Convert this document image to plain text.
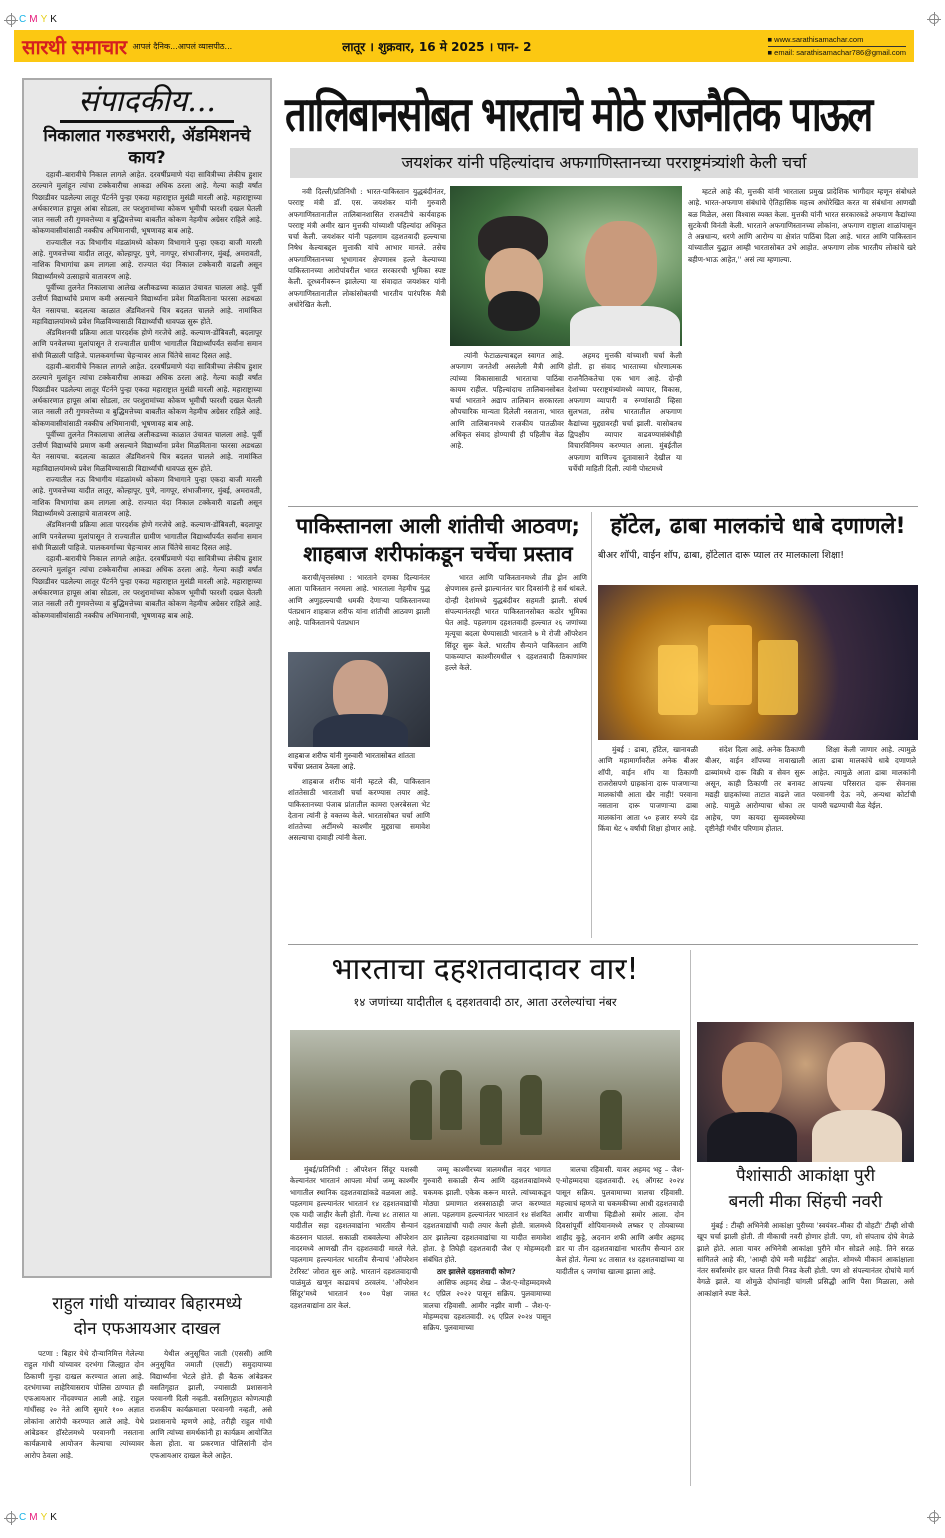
C M Y K
सारथी समाचार आपलं दैनिक...आपलं व्यासपीठ...	लातूर । शुक्रवार, 16 मे 2025 । पान- 2
■ www.sarathisamachar.com
■ email: sarathisamachar786@gmail.com
संपादकीय...
निकालात गरुडभरारी, ॲडमिशनचे काय?

दहावी–बारावीचे निकाल लागले आहेत. दरवर्षीप्रमाणे यंदा सावित्रीच्या लेकीच हुशार ठरल्याने मुलांहून त्यांचा टक्केवारीचा आकडा अधिक ठरला आहे. गेल्या काही वर्षांत पिछाडीवर पडलेल्या लातूर पॅटर्नने पुन्हा एकदा महाराष्ट्रात मुसंडी मारली आहे. महाराष्ट्राच्या अर्थकारणात हापूस आंबा सोडला, तर परशुरामांच्या कोकण भूमीची फारशी दखल घेतली जात नसली तरी गुणवत्तेच्या व बुद्धिमत्तेच्या बाबतीत कोकण नेहमीच अग्रेसर राहिले आहे. कोकणवासीयांसाठी नक्कीच अभिमानाची, भूषणावह बाब आहे.

राज्यातील नऊ विभागीय मंडळांमध्ये कोकण विभागाने पुन्हा एकदा बाजी मारली आहे. गुणवत्तेच्या यादीत लातूर, कोल्हापूर, पुणे, नागपूर, संभाजीनगर, मुंबई, अमरावती, नाशिक विभागांचा क्रम लागला आहे. राज्यात यंदा निकाल टक्केवारी वाढली असून विद्यार्थ्यांमध्ये उत्साहाचे वातावरण आहे.

पूर्वीच्या तुलनेत निकालाचा आलेख अलीकडच्या काळात उंचावत चालला आहे. पूर्वी उत्तीर्ण विद्यार्थ्यांचे प्रमाण कमी असल्याने विद्यार्थ्यांना प्रवेश मिळविताना फारसा अडथळा येत नसायचा. बदलत्या काळात अ‍ॅडमिशनचे चित्र बदलत चालले आहे. नामांकित महाविद्यालयांमध्ये प्रवेश मिळविण्यासाठी विद्यार्थ्यांची धावपळ सुरू होते.

अ‍ॅडमिशनची प्रक्रिया आता पारदर्शक होणे गरजेचे आहे. कल्याण-डोंबिवली, बदलापूर आणि पनवेलच्या मुलांपासून ते राज्यातील ग्रामीण भागातील विद्यार्थ्यांपर्यंत सर्वांना समान संधी मिळाली पाहिजे. पालकवर्गाच्या चेहऱ्यावर आज चिंतेचे सावट दिसत आहे.

दहावी–बारावीचे निकाल लागले आहेत. दरवर्षीप्रमाणे यंदा सावित्रीच्या लेकीच हुशार ठरल्याने मुलांहून त्यांचा टक्केवारीचा आकडा अधिक ठरला आहे. गेल्या काही वर्षांत पिछाडीवर पडलेल्या लातूर पॅटर्नने पुन्हा एकदा महाराष्ट्रात मुसंडी मारली आहे. महाराष्ट्राच्या अर्थकारणात हापूस आंबा सोडला, तर परशुरामांच्या कोकण भूमीची फारशी दखल घेतली जात नसली तरी गुणवत्तेच्या व बुद्धिमत्तेच्या बाबतीत कोकण नेहमीच अग्रेसर राहिले आहे. कोकणवासीयांसाठी नक्कीच अभिमानाची, भूषणावह बाब आहे.

पूर्वीच्या तुलनेत निकालाचा आलेख अलीकडच्या काळात उंचावत चालला आहे. पूर्वी उत्तीर्ण विद्यार्थ्यांचे प्रमाण कमी असल्याने विद्यार्थ्यांना प्रवेश मिळविताना फारसा अडथळा येत नसायचा. बदलत्या काळात अ‍ॅडमिशनचे चित्र बदलत चालले आहे. नामांकित महाविद्यालयांमध्ये प्रवेश मिळविण्यासाठी विद्यार्थ्यांची धावपळ सुरू होते.

राज्यातील नऊ विभागीय मंडळांमध्ये कोकण विभागाने पुन्हा एकदा बाजी मारली आहे. गुणवत्तेच्या यादीत लातूर, कोल्हापूर, पुणे, नागपूर, संभाजीनगर, मुंबई, अमरावती, नाशिक विभागांचा क्रम लागला आहे. राज्यात यंदा निकाल टक्केवारी वाढली असून विद्यार्थ्यांमध्ये उत्साहाचे वातावरण आहे.

अ‍ॅडमिशनची प्रक्रिया आता पारदर्शक होणे गरजेचे आहे. कल्याण-डोंबिवली, बदलापूर आणि पनवेलच्या मुलांपासून ते राज्यातील ग्रामीण भागातील विद्यार्थ्यांपर्यंत सर्वांना समान संधी मिळाली पाहिजे. पालकवर्गाच्या चेहऱ्यावर आज चिंतेचे सावट दिसत आहे.

दहावी–बारावीचे निकाल लागले आहेत. दरवर्षीप्रमाणे यंदा सावित्रीच्या लेकीच हुशार ठरल्याने मुलांहून त्यांचा टक्केवारीचा आकडा अधिक ठरला आहे. गेल्या काही वर्षांत पिछाडीवर पडलेल्या लातूर पॅटर्नने पुन्हा एकदा महाराष्ट्रात मुसंडी मारली आहे. महाराष्ट्राच्या अर्थकारणात हापूस आंबा सोडला, तर परशुरामांच्या कोकण भूमीची फारशी दखल घेतली जात नसली तरी गुणवत्तेच्या व बुद्धिमत्तेच्या बाबतीत कोकण नेहमीच अग्रेसर राहिले आहे. कोकणवासीयांसाठी नक्कीच अभिमानाची, भूषणावह बाब आहे.

तालिबानसोबत भारताचे मोठे राजनैतिक पाऊल
जयशंकर यांनी पहिल्यांदाच अफगाणिस्तानच्या परराष्ट्रमंत्र्यांशी केली चर्चा

नवी दिल्ली/प्रतिनिधी : भारत-पाकिस्तान युद्धबंदीनंतर, परराष्ट्र मंत्री डॉ. एस. जयशंकर यांनी गुरुवारी अफगाणिस्तानातील तालिबानशासित राजवटीचे कार्यवाहक परराष्ट्र मंत्री अमीर खान मुत्तकी यांच्याशी पहिल्यांदा अधिकृत चर्चा केली. जयशंकर यांनी पहलगाम दहशतवादी हल्ल्याचा निषेध केल्याबद्दल मुत्ताकी यांचे आभार मानले. तसेच अफगाणिस्तानच्या भूभागावर क्षेपणास्त्र हल्ले केल्याच्या पाकिस्तानच्या आरोपांवरील भारत सरकारची भूमिका स्पष्ट केली. दूरध्वनीवरून झालेल्या या संवादात जयशंकर यांनी अफगाणिस्तानातील लोकांसोबतची भारतीय पारंपरिक मैत्री अधोरेखित केली.

त्यांनी फेटाळल्याबद्दल स्वागत आहे. अफगाण जनतेशी असलेली मैत्री आणि त्यांच्या विकासासाठी भारताचा पाठिंबा कायम राहील. पहिल्यांदाच तालिबानसोबत चर्चा भारताने अद्याप तालिबान सरकारला औपचारिक मान्यता दिलेली नसताना, भारत आणि तालिबानमध्ये राजकीय पातळीवर अधिकृत संवाद होण्याची ही पहिलीच वेळ आहे.

अहमद मुत्तकी यांच्याशी चर्चा केली होती. हा संवाद भारताच्या धोरणात्मक राजनैतिकतेचा एक भाग आहे. दोन्ही देशांच्या परराष्ट्रमंत्र्यांमध्ये व्यापार, विकास, अफगाण व्यापारी व रुग्णांसाठी व्हिसा सुलभता, तसेच भारतातील अफगाण कैद्यांच्या मुद्द्यावरही चर्चा झाली. यासोबतच द्विपक्षीय व्यापार वाढवण्यासंबंधीही विचारविनिमय करण्यात आला. मुंबईतील अफगाण वाणिज्य दूतावासाने देखील या चर्चेची माहिती दिली. त्यांनी पोस्टमध्ये

म्हटले आहे की, मुत्तकी यांनी भारताला प्रमुख प्रादेशिक भागीदार म्हणून संबोधले आहे. भारत-अफगाण संबंधांचे ऐतिहासिक महत्त्व अधोरेखित करत या संबंधांना आणखी बळ मिळेल, असा विश्वास व्यक्त केला. मुत्तकी यांनी भारत सरकारकडे अफगाण कैद्यांच्या सुटकेची विनंती केली. भारताने अफगाणिस्तानच्या लोकांना, अफगाण राष्ट्राला शाळांपासून ते अन्नधान्य, धरणे आणि आरोग्य या क्षेत्रांत पाठिंबा दिला आहे. भारत आणि पाकिस्तान यांच्यातील युद्धात आम्ही भारतासोबत उभे आहोत. अफगाण लोक भारतीय लोकांचे खरे बहीण-भाऊ आहेत,'' असं त्या म्हणाल्या.

पाकिस्तानला आली शांतीची आठवण;
शाहबाज शरीफांकडून चर्चेचा प्रस्ताव

कराची/वृत्तसंस्था : भारताने दणका दिल्यानंतर आता पाकिस्तान नरमला आहे. भारताला नेहमीच युद्ध आणि अणुहल्ल्याची धमकी देणाऱ्या पाकिस्तानच्या पंतप्रधान शाहबाज शरीफ यांना शांतीची आठवण झाली आहे. पाकिस्तानचे पंतप्रधान

शाहबाज शरीफ यांनी गुरुवारी भारतासोबत शांतता चर्चेचा प्रस्ताव ठेवला आहे.

शाहबाज शरीफ यांनी म्हटले की, पाकिस्तान शांततेसाठी भारताशी चर्चा करण्यास तयार आहे. पाकिस्तानच्या पंजाब प्रांतातील कामरा एअरबेसला भेट देताना त्यांनी हे वक्तव्य केले. भारतासोबत चर्चा आणि शांततेच्या अटींमध्ये काश्मीर मुद्द्याचा समावेश असल्याचा दावाही त्यांनी केला.

भारत आणि पाकिस्तानमध्ये तीव्र ड्रोन आणि क्षेपणास्त्र हल्ले झाल्यानंतर चार दिवसांनी हे सर्व थांबले. दोन्ही देशांमध्ये युद्धबंदीवर सहमती झाली. संघर्ष संपल्यानंतरही भारत पाकिस्तानसोबत कठोर भूमिका घेत आहे. पहलगाम दहशतवादी हल्ल्यात २६ जणांच्या मृत्यूचा बदला घेण्यासाठी भारताने ७ मे रोजी ऑपरेशन सिंदूर सुरू केले. भारतीय सैन्याने पाकिस्तान आणि पाकव्याप्त काश्मीरमधील ९ दहशतवादी ठिकाणांवर हल्ले केले.

हॉटेल, ढाबा मालकांचे धाबे दणाणले!
बीअर शॉपी, वाईन शॉप, ढाबा, हॉटेलात दारू प्याल तर मालकाला शिक्षा!

मुंबई : ढाबा, हॉटेल, खानावळी आणि महामार्गांवरील अनेक बीअर शॉपी, वाईन शॉप या ठिकाणी राजरोसपणे ग्राहकांना दारू पाजणाऱ्या मालकांची आता खैर नाही! परवाना नसताना दारू पाजणाऱ्या ढाबा मालकांना आता ५० हजार रुपये दंड किंवा थेट ५ वर्षांची शिक्षा होणार आहे.

संदेश दिला आहे. अनेक ठिकाणी बीअर, वाईन शॉपच्या नावाखाली ढाब्यांमध्ये दारू विक्री व सेवन सुरू असून, काही ठिकाणी तर बनावट मद्यही ग्राहकांच्या ताटात वाढले जात आहे. यामुळे आरोग्याचा धोका तर आहेच, पण कायदा सुव्यवस्थेच्या दृष्टीनेही गंभीर परिणाम होतात.

शिक्षा केली जाणार आहे. त्यामुळे आता ढाबा मालकांचे धाबे दणाणले आहेत. त्यामुळे आता ढाबा मालकांनी आपल्या परिसरात दारू सेवनास परवानगी देऊ नये, अन्यथा कोर्टाची पायरी चढण्याची वेळ येईल.

भारताचा दहशतवादावर वार!
१४ जणांच्या यादीतील ६ दहशतवादी ठार, आता उरलेल्यांचा नंबर

मुंबई/प्रतिनिधी : ऑपरेशन सिंदूर यशस्वी केल्यानंतर भारतानं आपला मोर्चा जम्मू काश्मीर भागातील स्थानिक दहशतवाद्यांकडे वळवला आहे. पहलगाम हल्ल्यानंतर भारतानं १४ दहशतवाद्यांची एक यादी जाहीर केली होती. गेल्या ४८ तासात या यादीतील सहा दहशतवाद्यांना भारतीय सैन्यानं कंठस्नान घातलं. सकाळी राबवलेल्या ऑपरेशन नादरमध्ये आणखी तीन दहशतवादी मारले गेले. पहलगाम हल्ल्यानंतर भारतीय सैन्याचं 'ऑपरेशन टेररिस्ट' जोरात सुरु आहे. भारतानं दहशतवादाची पाळंमुळं खणून काढायचं ठरवलंय. 'ऑपरेशन सिंदूर'मध्ये भारतानं १०० पेक्षा जास्त दहशतवाद्यांना ठार केलं.

जम्मू काश्मीरच्या त्रालमधील नादर भागात गुरुवारी सकाळी सैन्य आणि दहशतवाद्यांमध्ये चकमक झाली. एकेक करून मारले. त्यांच्याकडून मोठ्या प्रमाणात शस्त्रसाठाही जप्त करण्यात आला. पहलगाम हल्ल्यानंतर भारतानं १४ संशयित दहशतवाद्यांची यादी तयार केली होती. त्रालमध्ये ठार झालेल्या दहशतवाद्यांचा या यादीत समावेश होता. हे तिघेही दहशतवादी जैश ए मोहम्मदशी संबंधित होते.

ठार झालेले दहशतवादी कोण?

आसिफ अहमद शेख – जैश-ए-मोहम्मदमध्ये १८ एप्रिल २०२२ पासून सक्रिय. पुलवामाच्या त्रालचा रहिवासी. आमीर नझीर वाणी – जैश-ए-मोहम्मदचा दहशतवादी. २६ एप्रिल २०२४ पासून सक्रिय. पुलवामाच्या

त्रालचा रहिवासी. यावर अहमद भट्ट – जैश-ए-मोहम्मदचा दहशतवादी. २६ ऑगस्ट २०२४ पासून सक्रिय. पुलवामाच्या त्रालचा रहिवासी. महत्त्वाचं म्हणजे या चकमकीच्या आधी दहशतवादी आमीर वाणीचा व्हिडीओ समोर आला. दोन दिवसांपूर्वी शोपियानमध्ये लष्कर ए तोयबाच्या शाहीद कुट्टे, अदनान शफी आणि अमीर अहमद डार या तीन दहशतवाद्यांना भारतीय सैन्यानं ठार केलं होतं. गेल्या ४८ तासात १४ दहशतवाद्यांच्या या यादीतील ६ जणांचा खात्मा झाला आहे.

पैशांसाठी आकांक्षा पुरी
बनली मीका सिंहची नवरी

मुंबई : टीव्ही अभिनेत्री आकांक्षा पुरीच्या 'स्वयंवर–मीका दी वोहटी' टीव्ही शोची खूप चर्चा झाली होती. ती मीकाची नवरी होणार होती. पण, शो संपताच दोघे वेगळे झाले होते. आता यावर अभिनेत्री आकांक्षा पुरीने मौन सोडले आहे. तिने सरळ सांगितले आहे की, 'आम्ही दोघे मनी माईंडेड' आहोत. शोमध्ये मीकानं आकांक्षाला नंतर सर्वांसमोर हार घालत तिची निवड केली होती. पण शो संपल्यानंतर दोघांचे मार्ग वेगळे झाले. या शोमुळे दोघांनाही चांगली प्रसिद्धी आणि पैसा मिळाला, असे आकांक्षाने स्पष्ट केले.

राहुल गांधी यांच्यावर बिहारमध्ये
दोन एफआयआर दाखल

पटणा : बिहार येथे दौऱ्यानिमित्त गेलेल्या राहुल गांधी यांच्यावर दरभंगा जिल्ह्यात दोन ठिकाणी गुन्हा दाखल करण्यात आला आहे. दरभंगाच्या लाहेरियासराय पोलिस ठाण्यात ही एफआयआर नोंदवण्यात आली आहे. राहुल गांधींसह २० नेते आणि सुमारे १०० अज्ञात लोकांना आरोपी करण्यात आले आहे. येथे आंबेडकर हॉस्टेलमध्ये परवानगी नसताना कार्यक्रमाचे आयोजन केल्याचा त्यांच्यावर आरोप ठेवला आहे.

येथील अनुसूचित जाती (एससी) आणि अनुसूचित जमाती (एसटी) समुदायाच्या विद्यार्थ्यांना भेटले होते. ही बैठक आंबेडकर वसतिगृहात झाली, ज्यासाठी प्रशासनाने परवानगी दिली नव्हती. वसतिगृहात कोणत्याही राजकीय कार्यक्रमाला परवानगी नव्हती, असे प्रशासनाचे म्हणणे आहे, तरीही राहुल गांधी आणि त्यांच्या समर्थकांनी हा कार्यक्रम आयोजित केला होता. या प्रकरणात पोलिसांनी दोन एफआयआर दाखल केले आहेत.

C M Y K
